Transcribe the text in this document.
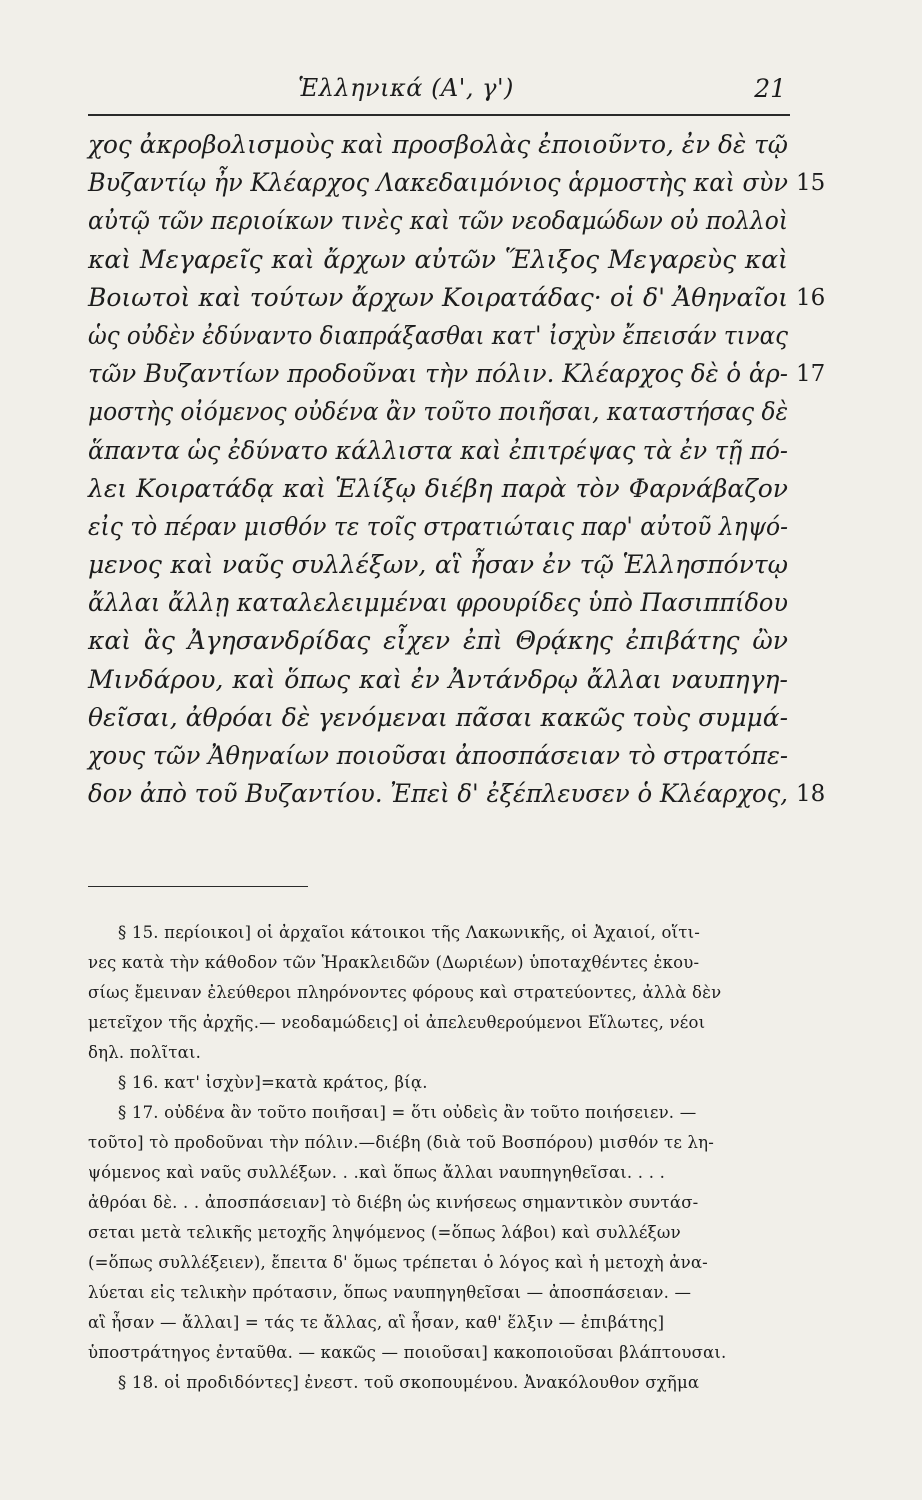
Ἑλληνικά (Α', γ')	21
χος ἀκροβολισμοὺς καὶ προσβολὰς ἐποιοῦντο, ἐν δὲ τῷ
Βυζαντίῳ ἦν Κλέαρχος Λακεδαιμόνιος ἁρμοστὴς καὶ σὺν 15
αὐτῷ τῶν περιοίκων τινὲς καὶ τῶν νεοδαμώδων οὐ πολλοὶ
καὶ Μεγαρεῖς καὶ ἄρχων αὐτῶν Ἕλιξος Μεγαρεὺς καὶ
Βοιωτοὶ καὶ τούτων ἄρχων Κοιρατάδας· οἱ δ' Ἀθηναῖοι 16
ὡς οὐδὲν ἐδύναντο διαπράξασθαι κατ' ἰσχὺν ἔπεισάν τινας
τῶν Βυζαντίων προδοῦναι τὴν πόλιν. Κλέαρχος δὲ ὁ ἁρ- 17
μοστὴς οἰόμενος οὐδένα ἂν τοῦτο ποιῆσαι, καταστήσας δὲ
ἅπαντα ὡς ἐδύνατο κάλλιστα καὶ ἐπιτρέψας τὰ ἐν τῇ πό-
λει Κοιρατάδᾳ καὶ Ἑλίξῳ διέβη παρὰ τὸν Φαρνάβαζον
εἰς τὸ πέραν μισθόν τε τοῖς στρατιώταις παρ' αὐτοῦ ληψό-
μενος καὶ ναῦς συλλέξων, αἳ ἦσαν ἐν τῷ Ἑλλησπόντῳ
ἄλλαι ἄλλῃ καταλελειμμέναι φρουρίδες ὑπὸ Πασιππίδου
καὶ ἃς Ἀγησανδρίδας εἶχεν ἐπὶ Θρᾴκης ἐπιβάτης ὢν
Μινδάρου, καὶ ὅπως καὶ ἐν Ἀντάνδρῳ ἄλλαι ναυπηγη-
θεῖσαι, ἀθρόαι δὲ γενόμεναι πᾶσαι κακῶς τοὺς συμμά-
χους τῶν Ἀθηναίων ποιοῦσαι ἀποσπάσειαν τὸ στρατόπε-
δον ἀπὸ τοῦ Βυζαντίου. Ἐπεὶ δ' ἐξέπλευσεν ὁ Κλέαρχος, 18
§ 15. περίοικοι] οἱ ἀρχαῖοι κάτοικοι τῆς Λακωνικῆς, οἱ Ἀχαιοί, οἵτι-
νες κατὰ τὴν κάθοδον τῶν Ἡρακλειδῶν (Δωριέων) ὑποταχθέντες ἑκου-
σίως ἔμειναν ἐλεύθεροι πληρόνοντες φόρους καὶ στρατεύοντες, ἀλλὰ δὲν
μετεῖχον τῆς ἀρχῆς.— νεοδαμώδεις] οἱ ἀπελευθερούμενοι Εἵλωτες, νέοι
δηλ. πολῖται.
§ 16. κατ' ἰσχὺν]=κατὰ κράτος, βίᾳ.
§ 17. οὐδένα ἂν τοῦτο ποιῆσαι] = ὅτι οὐδεὶς ἂν τοῦτο ποιήσειεν. —
τοῦτο] τὸ προδοῦναι τὴν πόλιν.—διέβη (διὰ τοῦ Βοσπόρου) μισθόν τε λη-
ψόμενος καὶ ναῦς συλλέξων. . .καὶ ὅπως ἄλλαι ναυπηγηθεῖσαι. . . .
ἀθρόαι δὲ. . . ἀποσπάσειαν] τὸ διέβη ὡς κινήσεως σημαντικὸν συντάσ-
σεται μετὰ τελικῆς μετοχῆς ληψόμενος (=ὅπως λάβοι) καὶ συλλέξων
(=ὅπως συλλέξειεν), ἔπειτα δ' ὅμως τρέπεται ὁ λόγος καὶ ἡ μετοχὴ ἀνα-
λύεται εἰς τελικὴν πρότασιν, ὅπως ναυπηγηθεῖσαι — ἀποσπάσειαν. —
αἳ ἦσαν — ἄλλαι] = τάς τε ἄλλας, αἳ ἦσαν, καθ' ἕλξιν — ἐπιβάτης]
ὑποστράτηγος ἐνταῦθα. — κακῶς — ποιοῦσαι] κακοποιοῦσαι βλάπτουσαι.
§ 18. οἱ προδιδόντες] ἐνεστ. τοῦ σκοπουμένου. Ἀνακόλουθον σχῆμα
